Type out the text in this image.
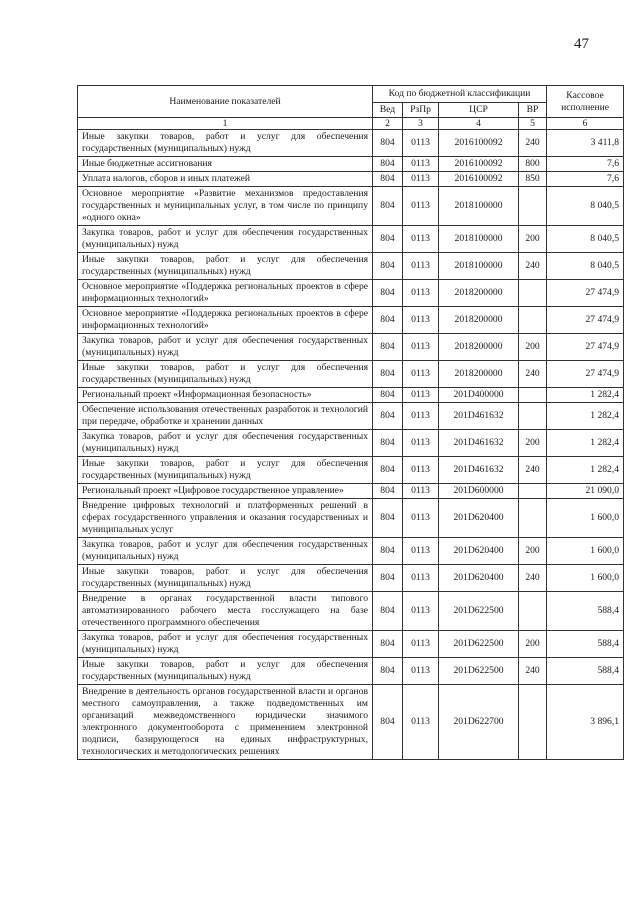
47
Наименование показателей	Код по бюджетной классификации				Кассовое исполнение
	Вед	РзПр	ЦСР	ВР	
1	2	3	4	5	6
Иные закупки товаров, работ и услуг для обеспечения государственных (муниципальных) нужд	804	0113	2016100092	240	3 411,8
Иные бюджетные ассигнования	804	0113	2016100092	800	7,6
Уплата налогов, сборов и иных платежей	804	0113	2016100092	850	7,6
Основное мероприятие «Развитие механизмов предоставления государственных и муниципальных услуг, в том числе по принципу «одного окна»	804	0113	2018100000		8 040,5
Закупка товаров, работ и услуг для обеспечения государственных (муниципальных) нужд	804	0113	2018100000	200	8 040,5
Иные закупки товаров, работ и услуг для обеспечения государственных (муниципальных) нужд	804	0113	2018100000	240	8 040,5
Основное мероприятие «Поддержка региональных проектов в сфере информационных технологий»	804	0113	2018200000		27 474,9
Основное мероприятие «Поддержка региональных проектов в сфере информационных технологий»	804	0113	2018200000		27 474,9
Закупка товаров, работ и услуг для обеспечения государственных (муниципальных) нужд	804	0113	2018200000	200	27 474,9
Иные закупки товаров, работ и услуг для обеспечения государственных (муниципальных) нужд	804	0113	2018200000	240	27 474,9
Региональный проект «Информационная безопасность»	804	0113	201D400000		1 282,4
Обеспечение использования отечественных разработок и технологий при передаче, обработке и хранении данных	804	0113	201D461632		1 282,4
Закупка товаров, работ и услуг для обеспечения государственных (муниципальных) нужд	804	0113	201D461632	200	1 282,4
Иные закупки товаров, работ и услуг для обеспечения государственных (муниципальных) нужд	804	0113	201D461632	240	1 282,4
Региональный проект «Цифровое государственное управление»	804	0113	201D600000		21 090,0
Внедрение цифровых технологий и платформенных решений в сферах государственного управления и оказания государственных и муниципальных услуг	804	0113	201D620400		1 600,0
Закупка товаров, работ и услуг для обеспечения государственных (муниципальных) нужд	804	0113	201D620400	200	1 600,0
Иные закупки товаров, работ и услуг для обеспечения государственных (муниципальных) нужд	804	0113	201D620400	240	1 600,0
Внедрение в органах государственной власти типового автоматизированного рабочего места госслужащего на базе отечественного программного обеспечения	804	0113	201D622500		588,4
Закупка товаров, работ и услуг для обеспечения государственных (муниципальных) нужд	804	0113	201D622500	200	588,4
Иные закупки товаров, работ и услуг для обеспечения государственных (муниципальных) нужд	804	0113	201D622500	240	588,4
Внедрение в деятельность органов государственной власти и органов местного самоуправления, а также подведомственных им организаций межведомственного юридически значимого электронного документооборота с применением электронной подписи, базирующегося на единых инфраструктурных, технологических и методологических решениях	804	0113	201D622700		3 896,1
